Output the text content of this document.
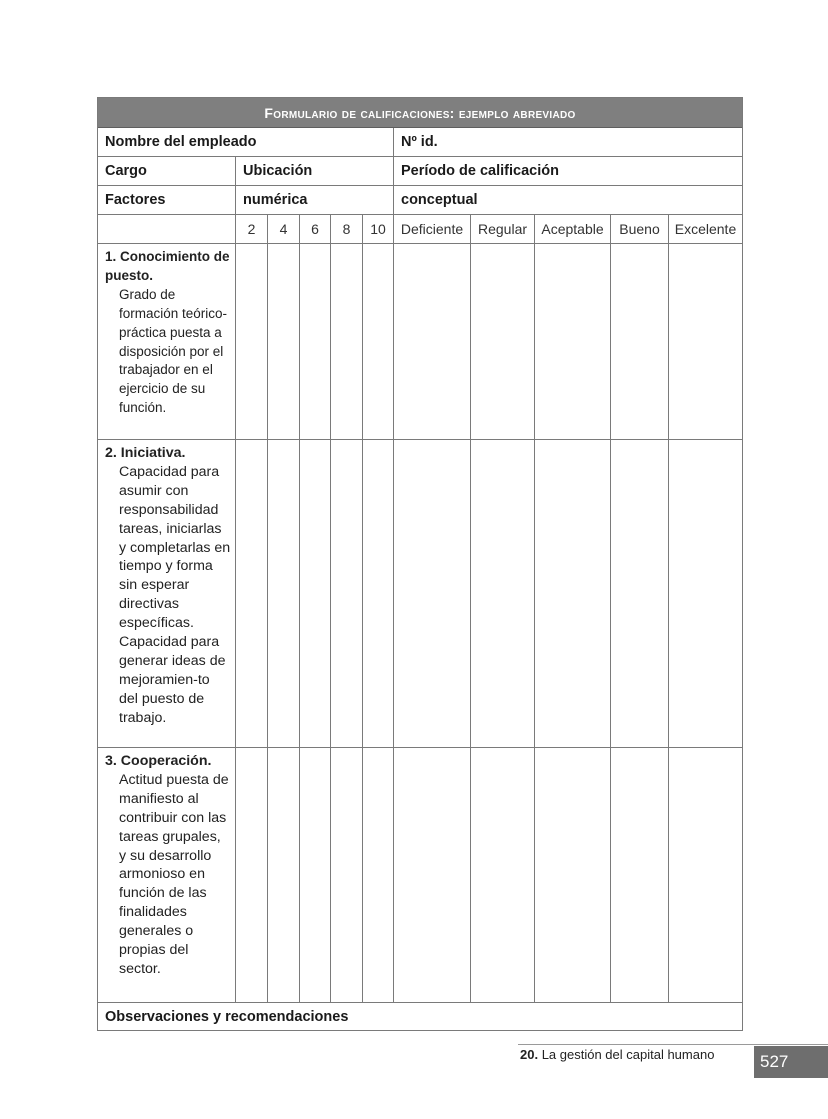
Formulario de calificaciones: ejemplo abreviado
Nombre del empleado	Nº id.
Cargo	Ubicación	Período de calificación
Factores	numérica	conceptual
2	4	6	8	10	Deficiente	Regular	Aceptable	Bueno	Excelente
1. Conocimiento de puesto.
Grado de formación teórico-práctica puesta a disposición por el trabajador en el ejercicio de su función.
2. Iniciativa.
Capacidad para asumir con responsabilidad tareas, iniciarlas y completarlas en tiempo y forma sin esperar directivas específicas. Capacidad para generar ideas de mejoramien-to del puesto de trabajo.
3. Cooperación.
Actitud puesta de manifiesto al contribuir con las tareas grupales, y su desarrollo armonioso en función de las finalidades generales o propias del sector.
Observaciones y recomendaciones
20. La gestión del capital humano	527
